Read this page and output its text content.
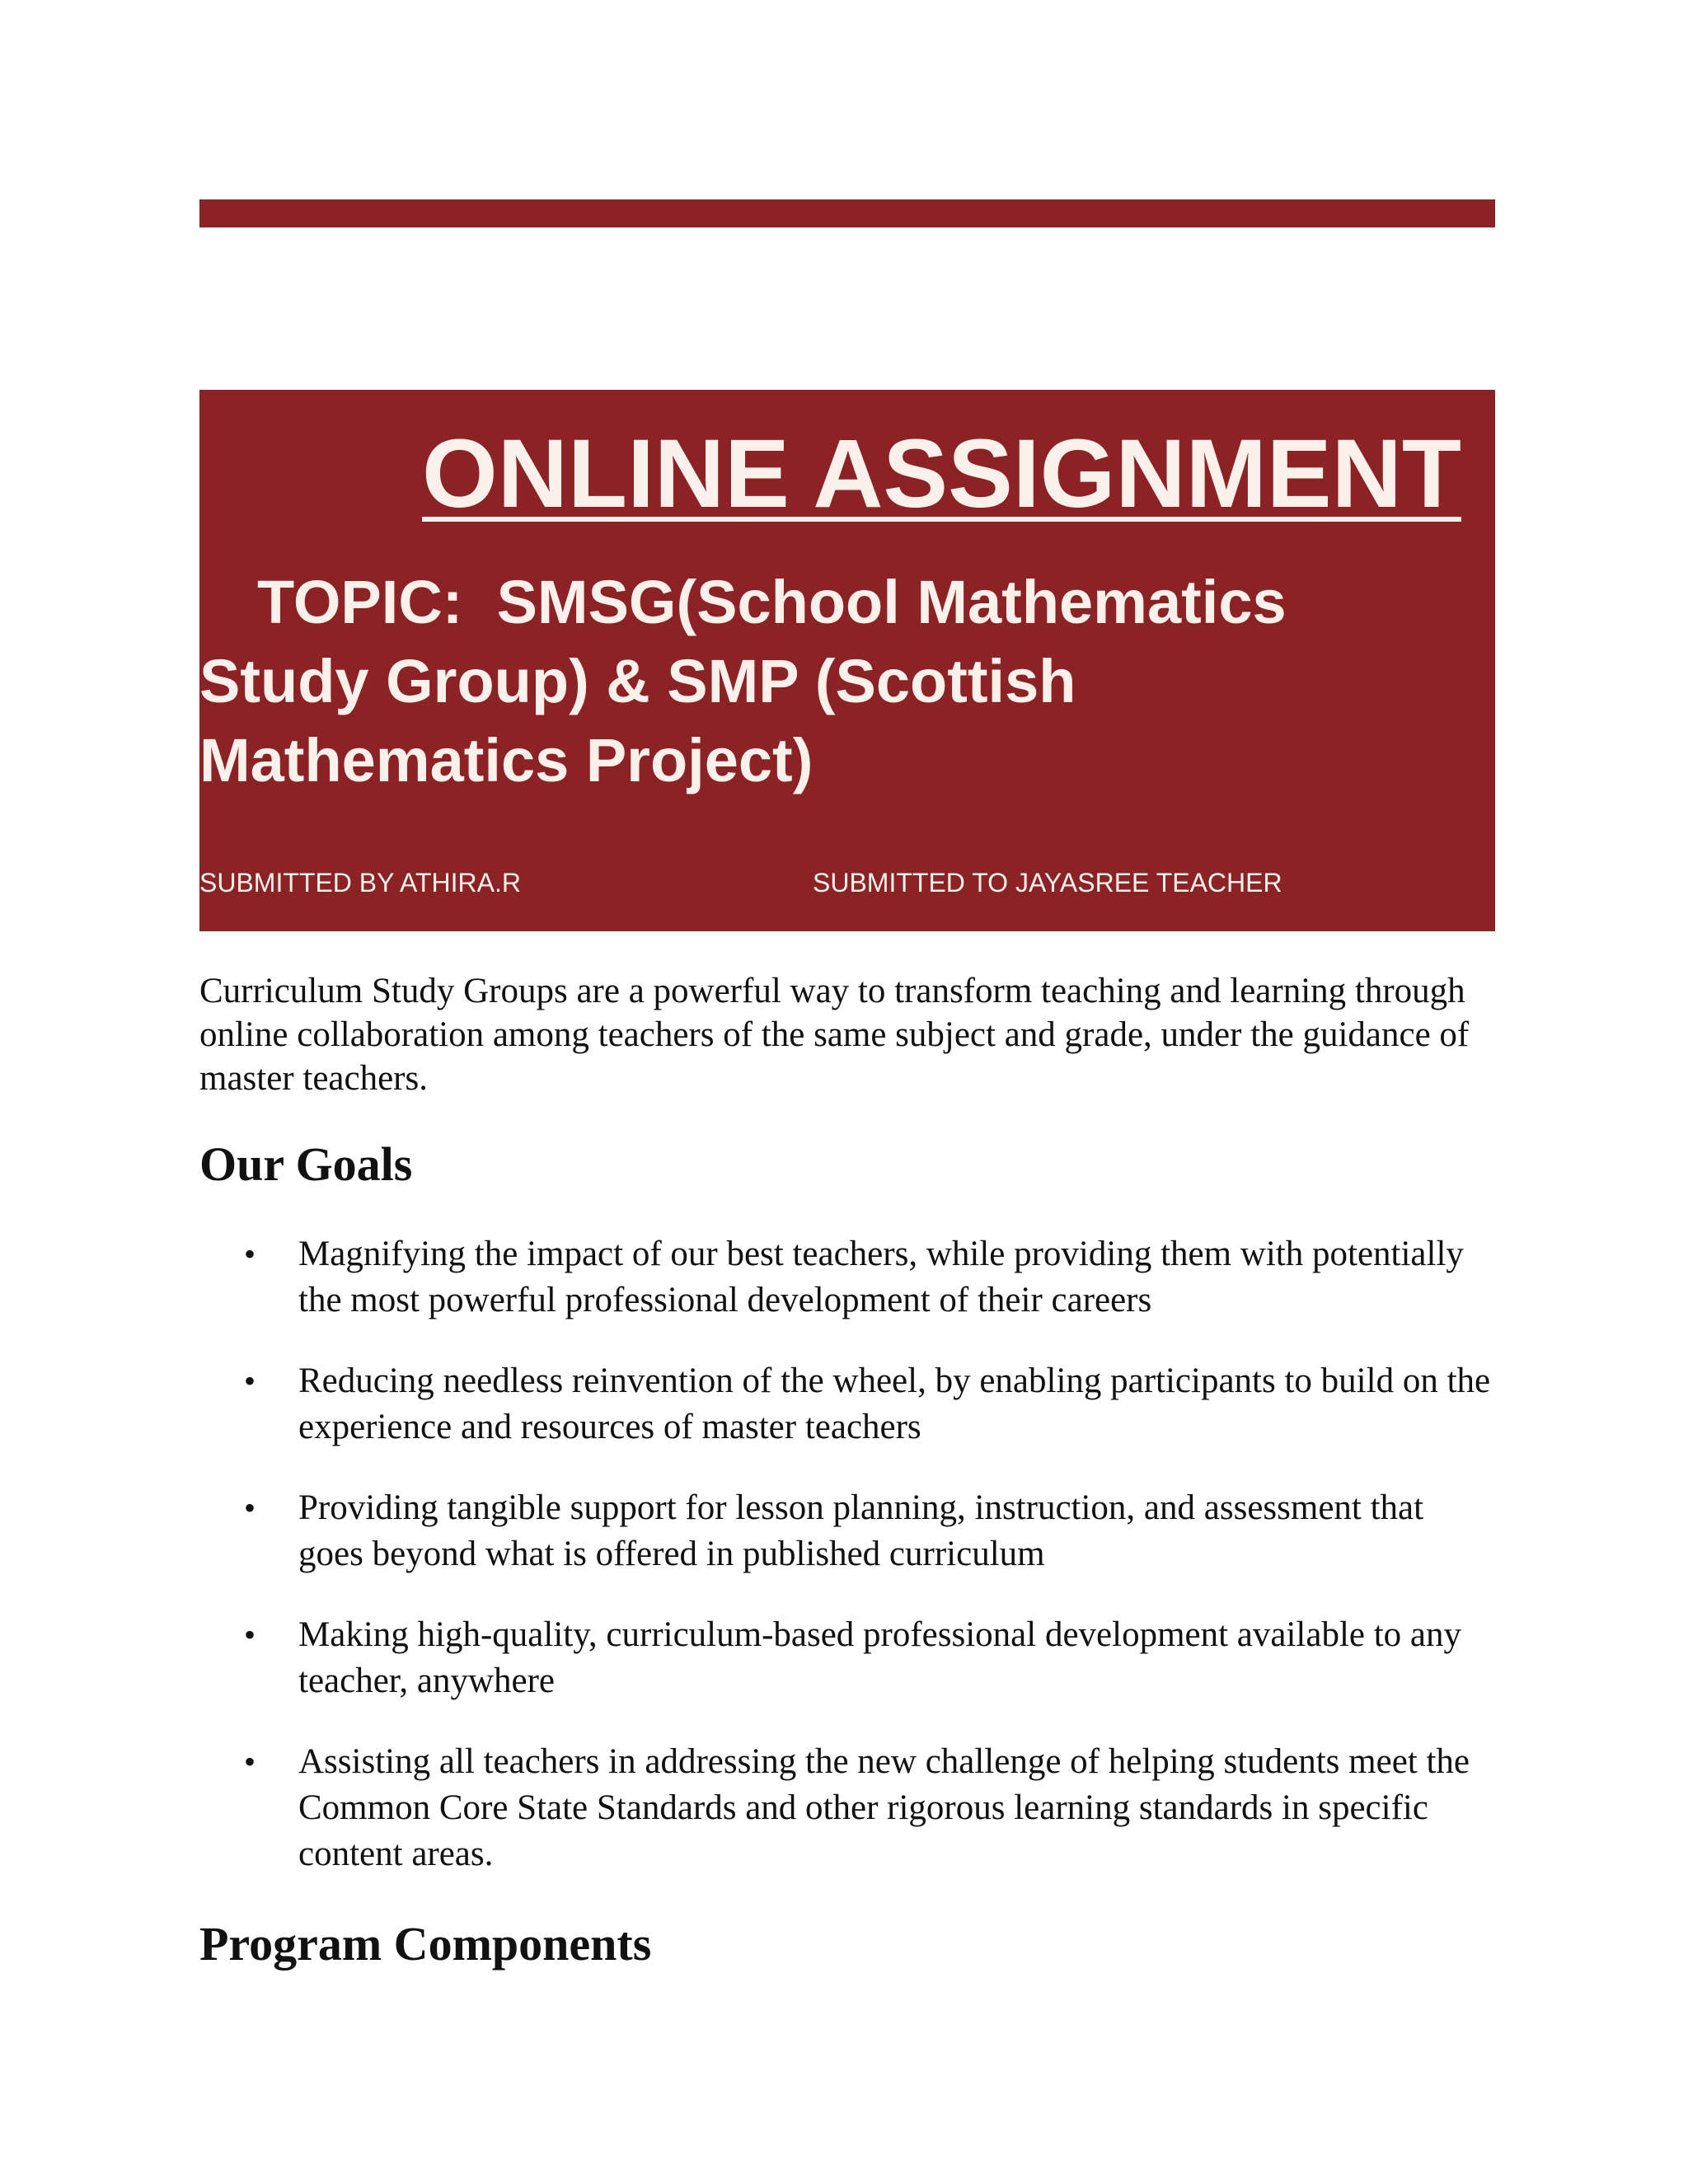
ONLINE ASSIGNMENT

TOPIC: SMSG(School Mathematics
Study Group) & SMP (Scottish
Mathematics Project)

SUBMITTED BY ATHIRA.R	SUBMITTED TO JAYASREE TEACHER

Curriculum Study Groups are a powerful way to transform teaching and learning through online collaboration among teachers of the same subject and grade, under the guidance of master teachers.

Our Goals
• Magnifying the impact of our best teachers, while providing them with potentially the most powerful professional development of their careers
• Reducing needless reinvention of the wheel, by enabling participants to build on the experience and resources of master teachers
• Providing tangible support for lesson planning, instruction, and assessment that goes beyond what is offered in published curriculum
• Making high-quality, curriculum-based professional development available to any teacher, anywhere
• Assisting all teachers in addressing the new challenge of helping students meet the Common Core State Standards and other rigorous learning standards in specific content areas.
Program Components
